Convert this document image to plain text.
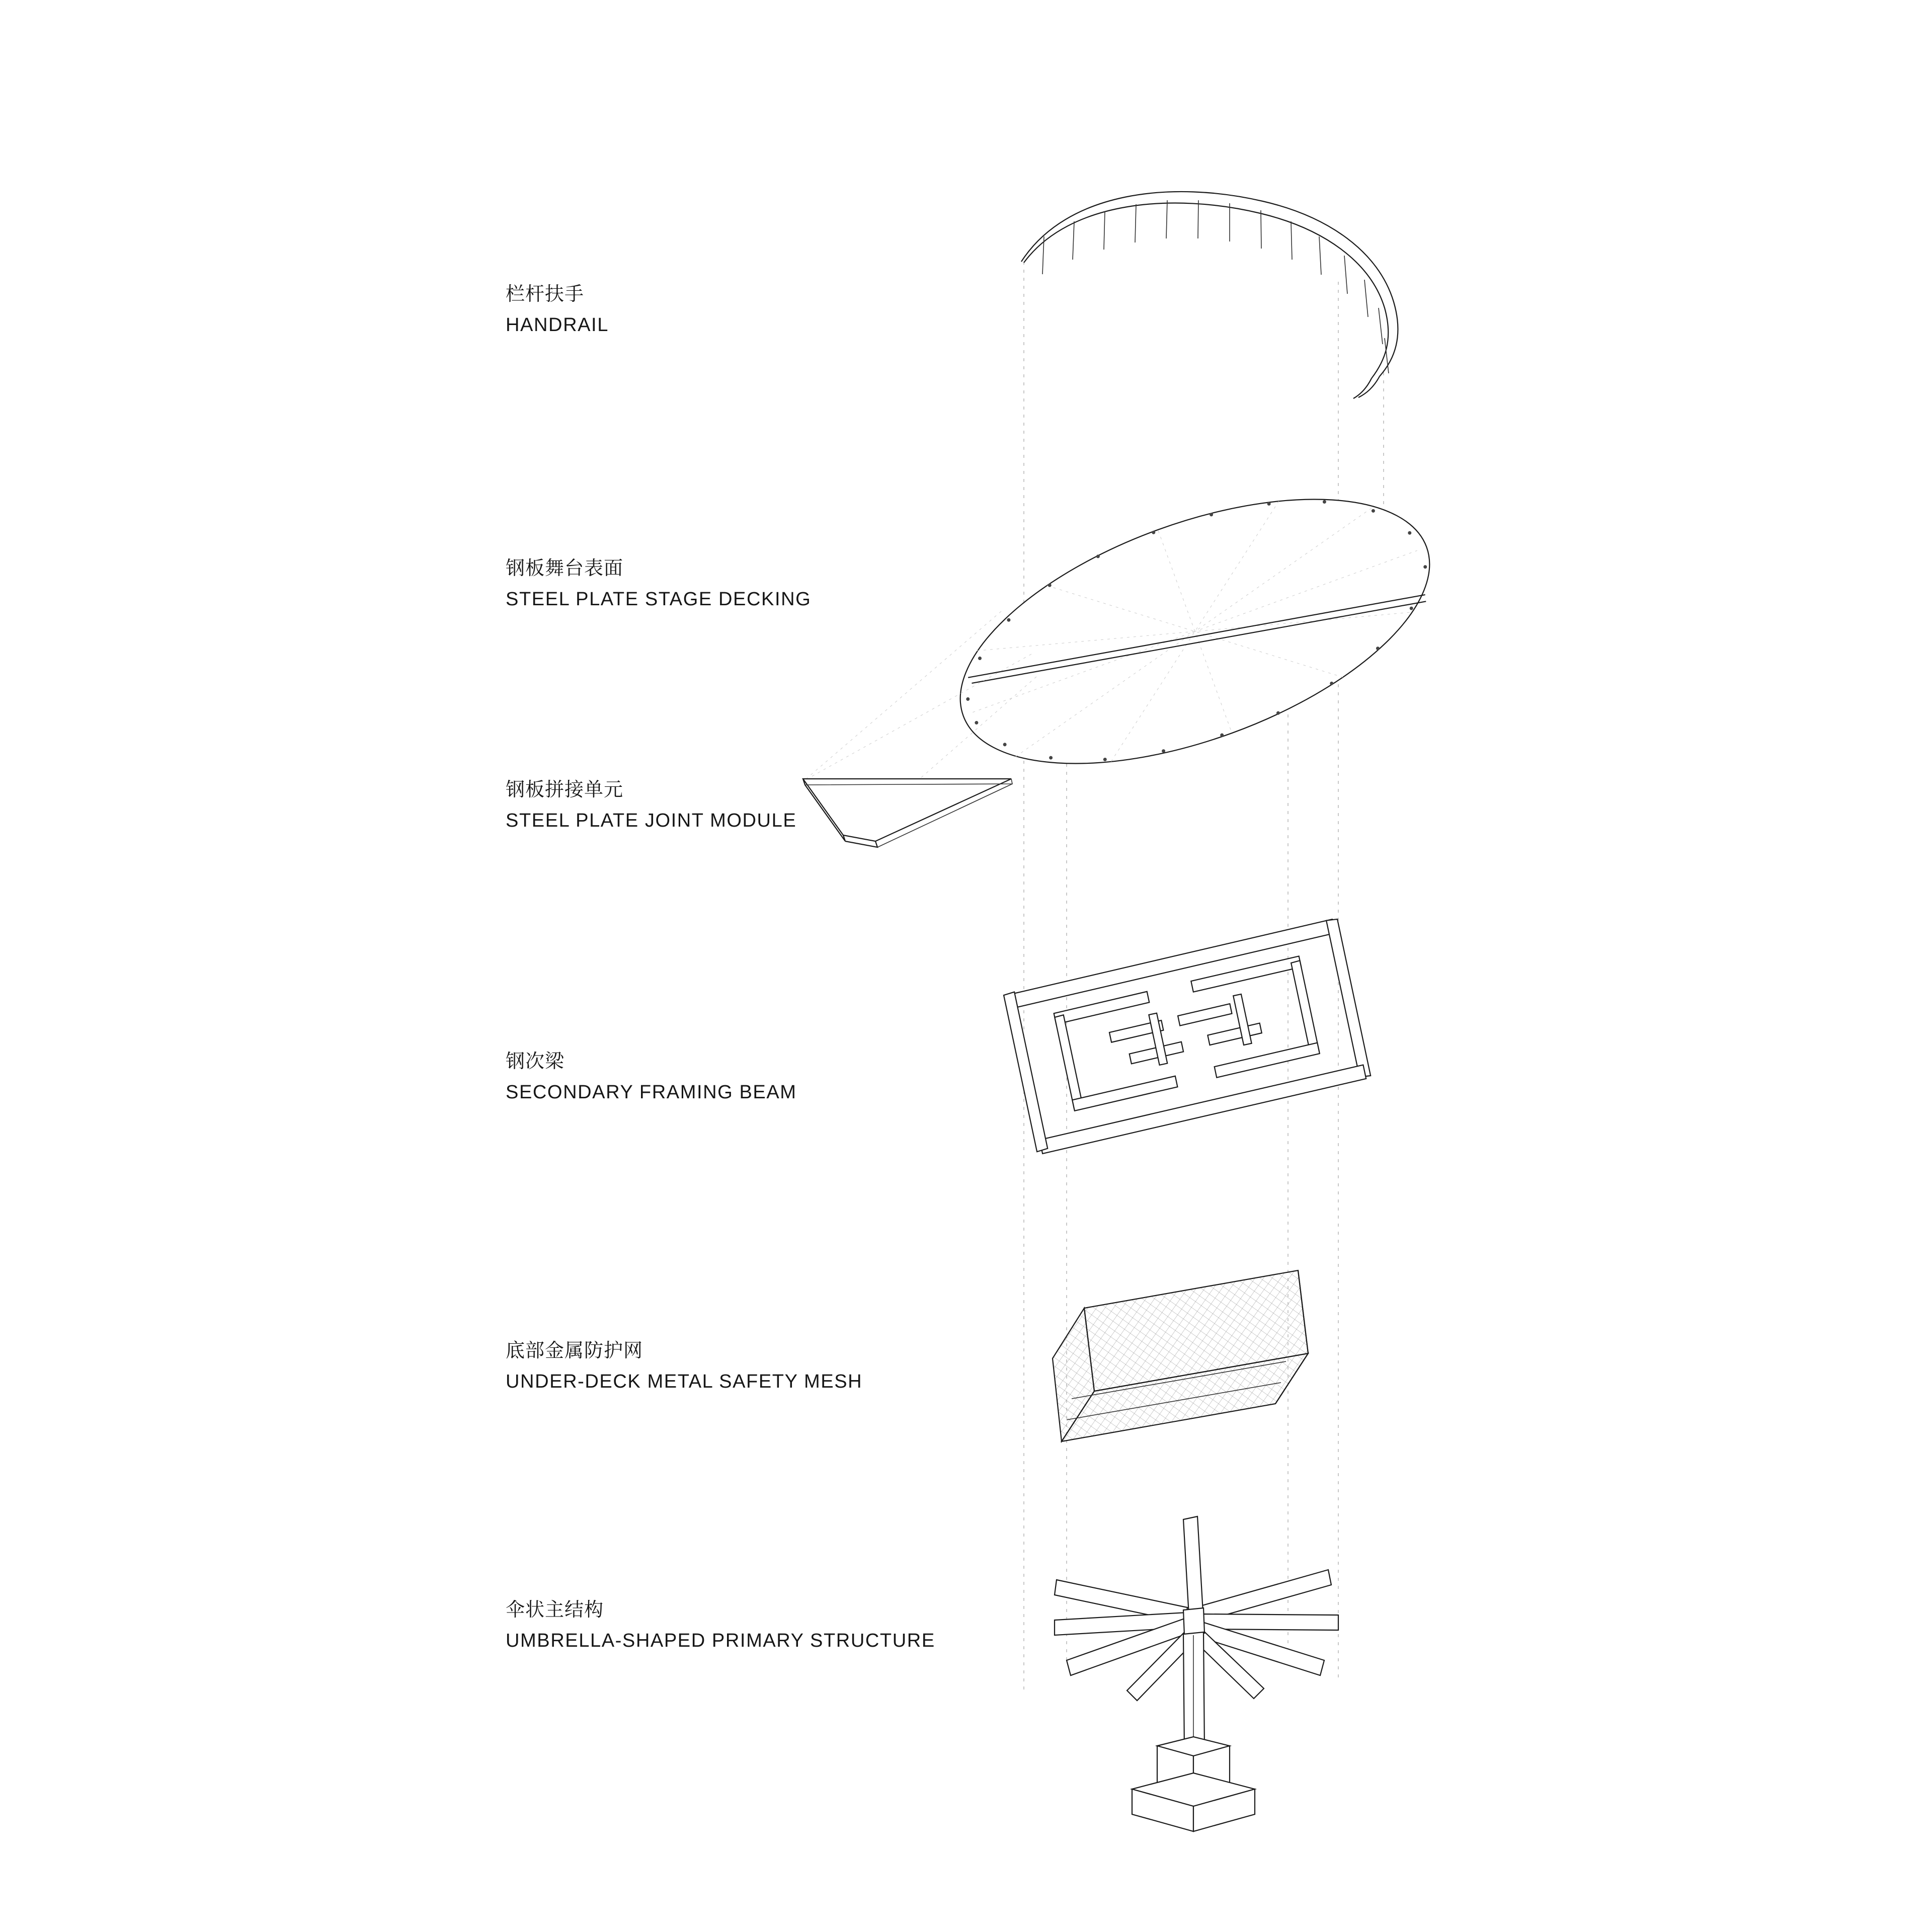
栏杆扶手
HANDRAIL
钢板舞台表面
STEEL PLATE STAGE DECKING
钢板拼接单元
STEEL PLATE JOINT MODULE
钢次梁
SECONDARY FRAMING BEAM
底部金属防护网
UNDER-DECK METAL SAFETY MESH
伞状主结构
UMBRELLA-SHAPED PRIMARY STRUCTURE
